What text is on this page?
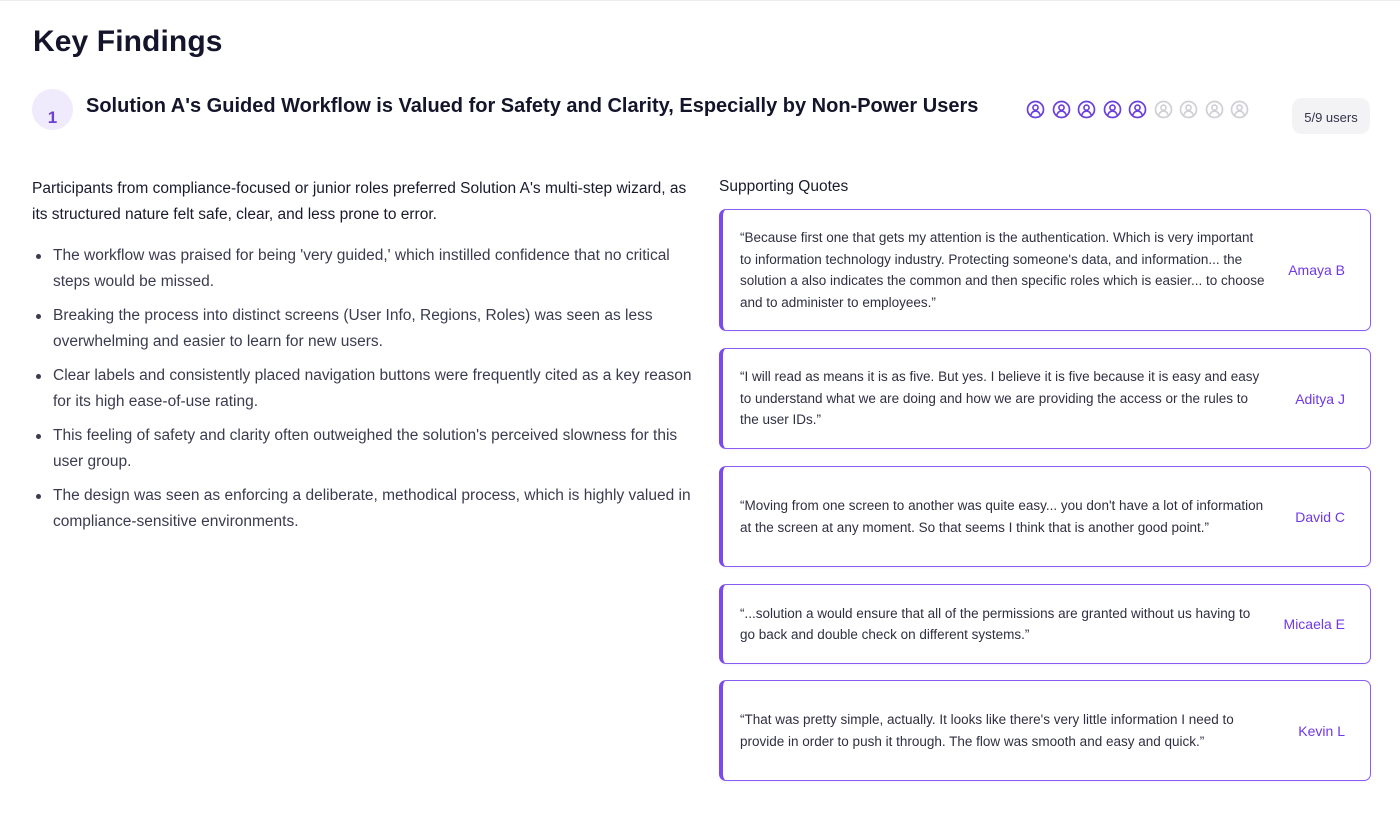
Key Findings
1
Solution A's Guided Workflow is Valued for Safety and Clarity, Especially by Non-Power Users	5/9 users

Participants from compliance-focused or junior roles preferred Solution A's multi-step wizard, as its structured nature felt safe, clear, and less prone to error.

The workflow was praised for being 'very guided,' which instilled confidence that no critical steps would be missed.
Breaking the process into distinct screens (User Info, Regions, Roles) was seen as less overwhelming and easier to learn for new users.
Clear labels and consistently placed navigation buttons were frequently cited as a key reason for its high ease-of-use rating.
This feeling of safety and clarity often outweighed the solution's perceived slowness for this user group.
The design was seen as enforcing a deliberate, methodical process, which is highly valued in compliance-sensitive environments.
Supporting Quotes

“Because first one that gets my attention is the authentication. Which is very important to information technology industry. Protecting someone's data, and information... the solution a also indicates the common and then specific roles which is easier... to choose and to administer to employees.”

Amaya B

“I will read as means it is as five. But yes. I believe it is five because it is easy and easy to understand what we are doing and how we are providing the access or the rules to the user IDs.”

Aditya J

“Moving from one screen to another was quite easy... you don't have a lot of information at the screen at any moment. So that seems I think that is another good point.”

David C

“...solution a would ensure that all of the permissions are granted without us having to go back and double check on different systems.”

Micaela E

“That was pretty simple, actually. It looks like there's very little information I need to provide in order to push it through. The flow was smooth and easy and quick.”

Kevin L
